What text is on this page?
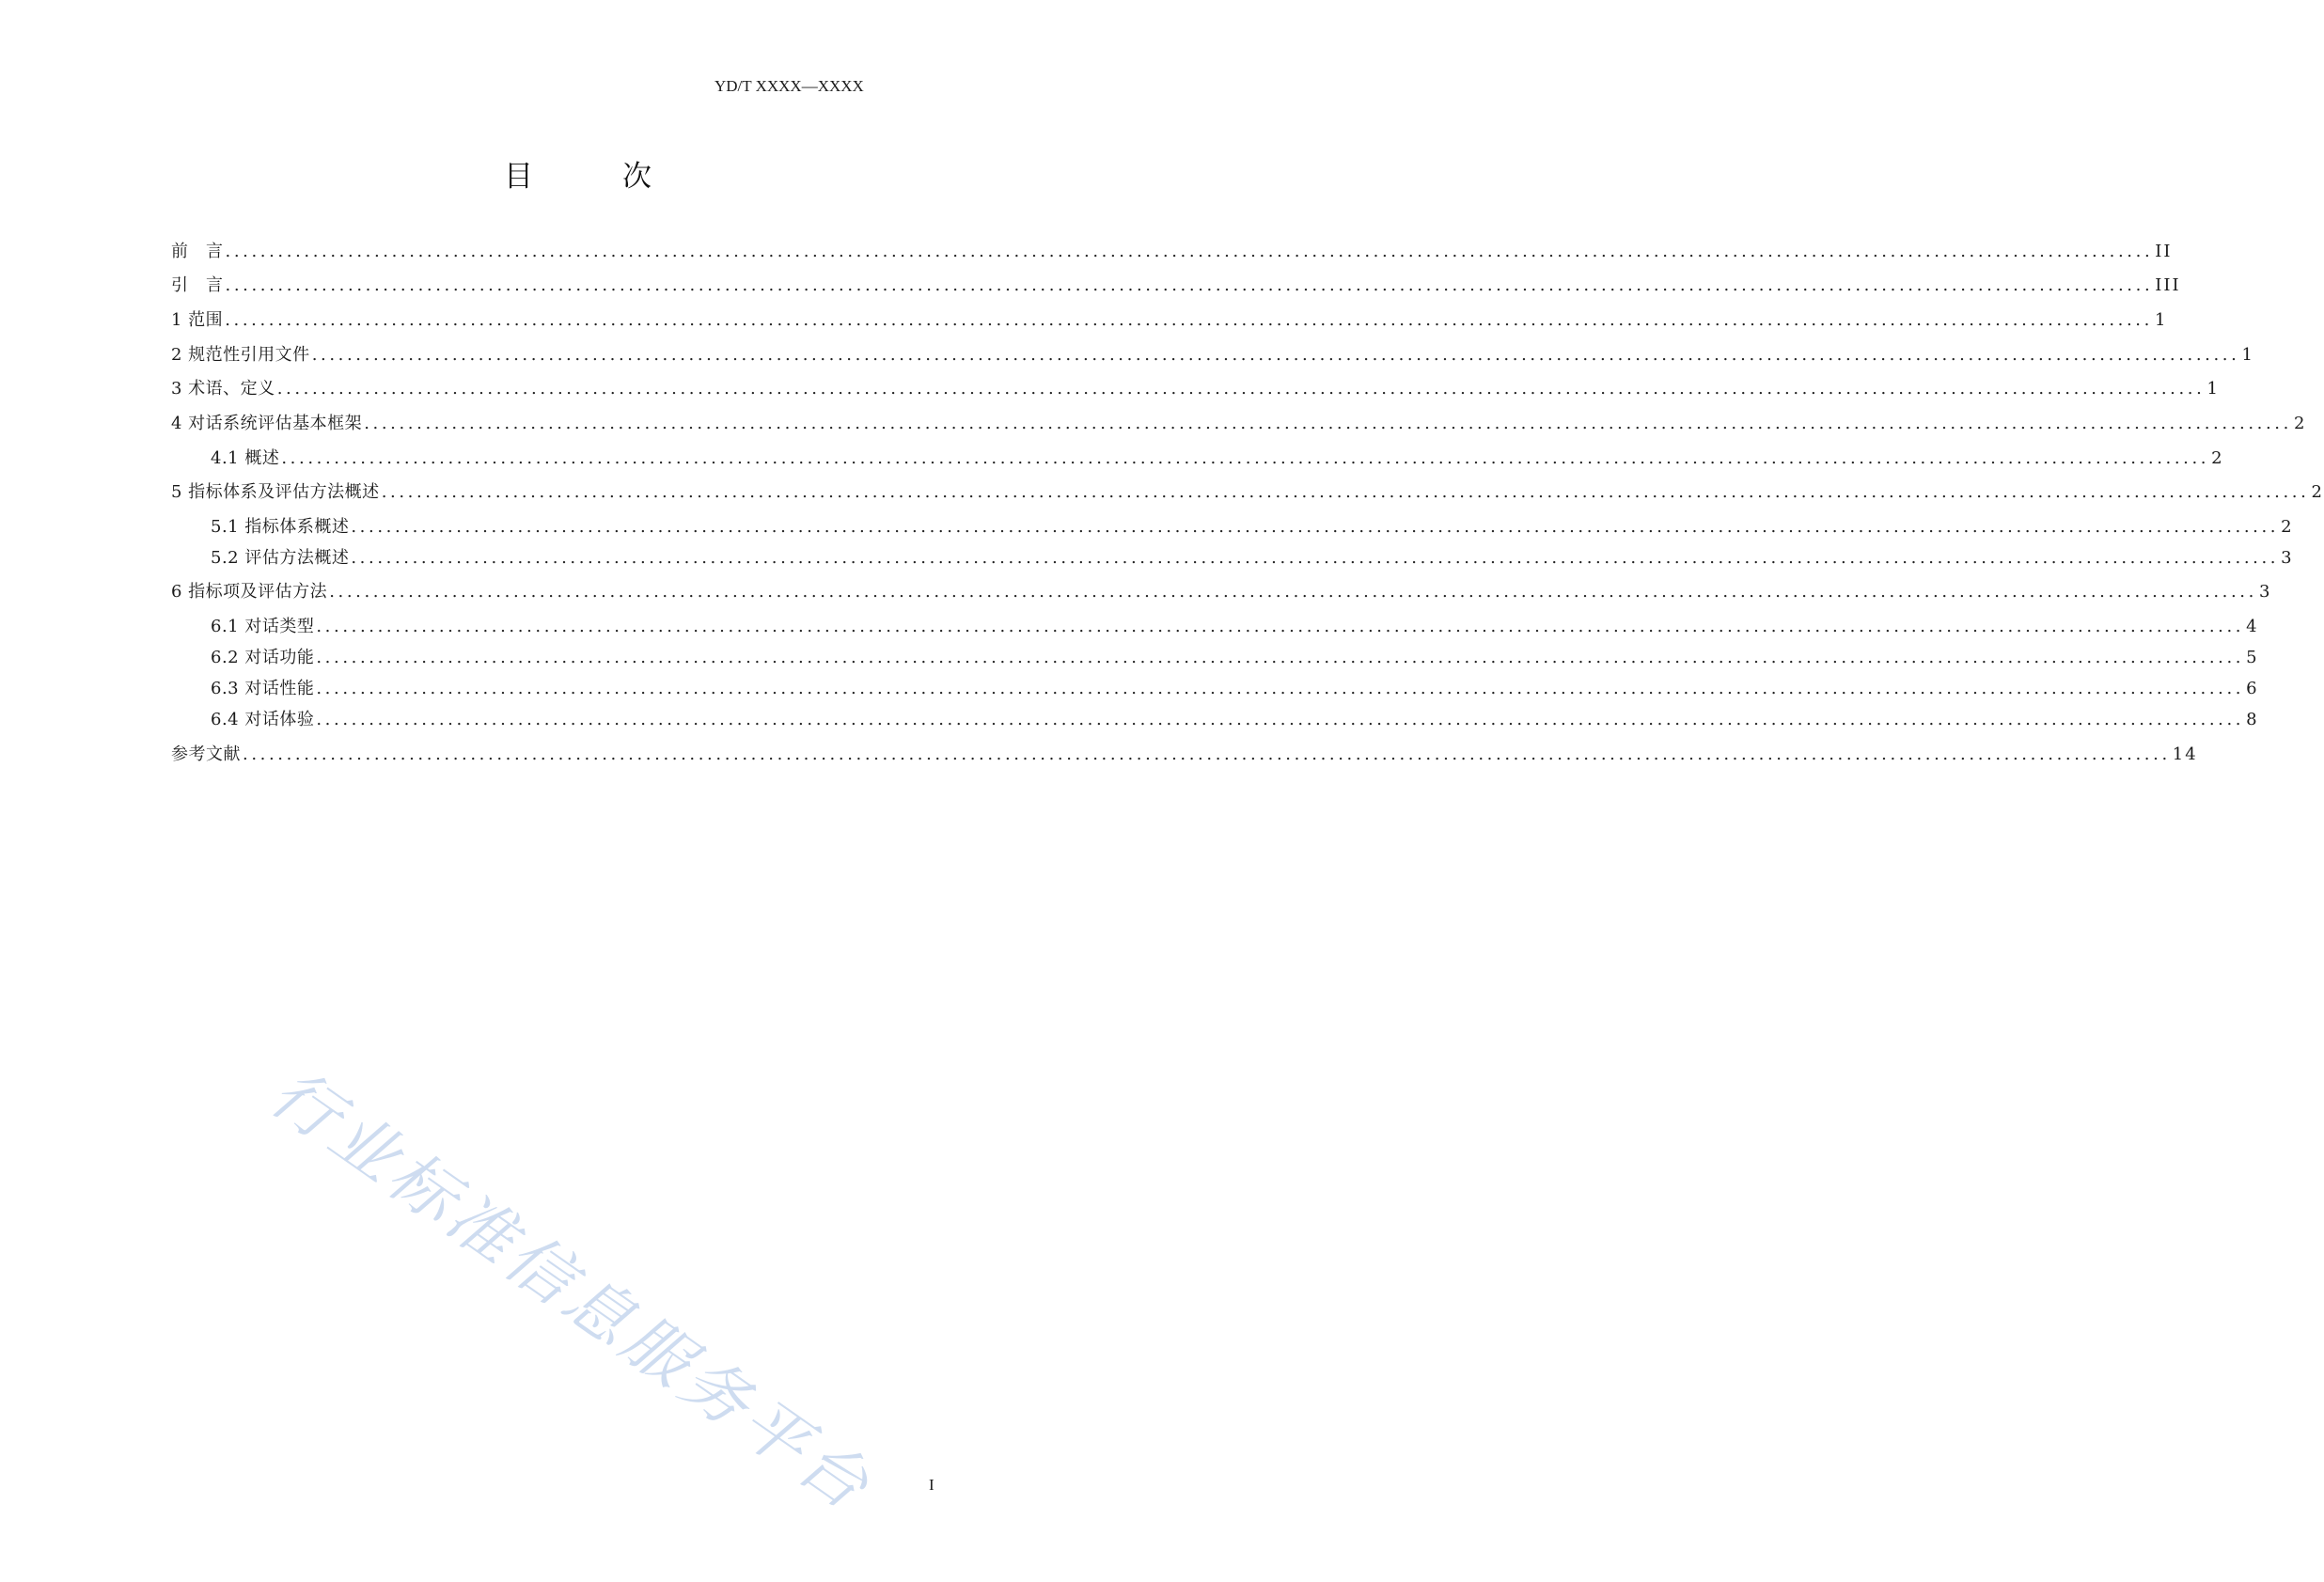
YD/T XXXX—XXXX
目	次
前　言 ............................................................................................................................................................................................................................ II
引　言 ............................................................................................................................................................................................................................ III
1 范围 ............................................................................................................................................................................................................................ 1
2 规范性引用文件 ............................................................................................................................................................................................................................ 1
3 术语、定义 ............................................................................................................................................................................................................................ 1
4 对话系统评估基本框架 ............................................................................................................................................................................................................................ 2
4.1 概述 ............................................................................................................................................................................................................................ 2
5 指标体系及评估方法概述 ............................................................................................................................................................................................................................ 2
5.1 指标体系概述 ............................................................................................................................................................................................................................ 2
5.2 评估方法概述 ............................................................................................................................................................................................................................ 3
6 指标项及评估方法 ............................................................................................................................................................................................................................ 3
6.1 对话类型 ............................................................................................................................................................................................................................ 4
6.2 对话功能 ............................................................................................................................................................................................................................ 5
6.3 对话性能 ............................................................................................................................................................................................................................ 6
6.4 对话体验 ............................................................................................................................................................................................................................ 8
参考文献 ............................................................................................................................................................................................................................ 14
行业标准信息服务平台	I
